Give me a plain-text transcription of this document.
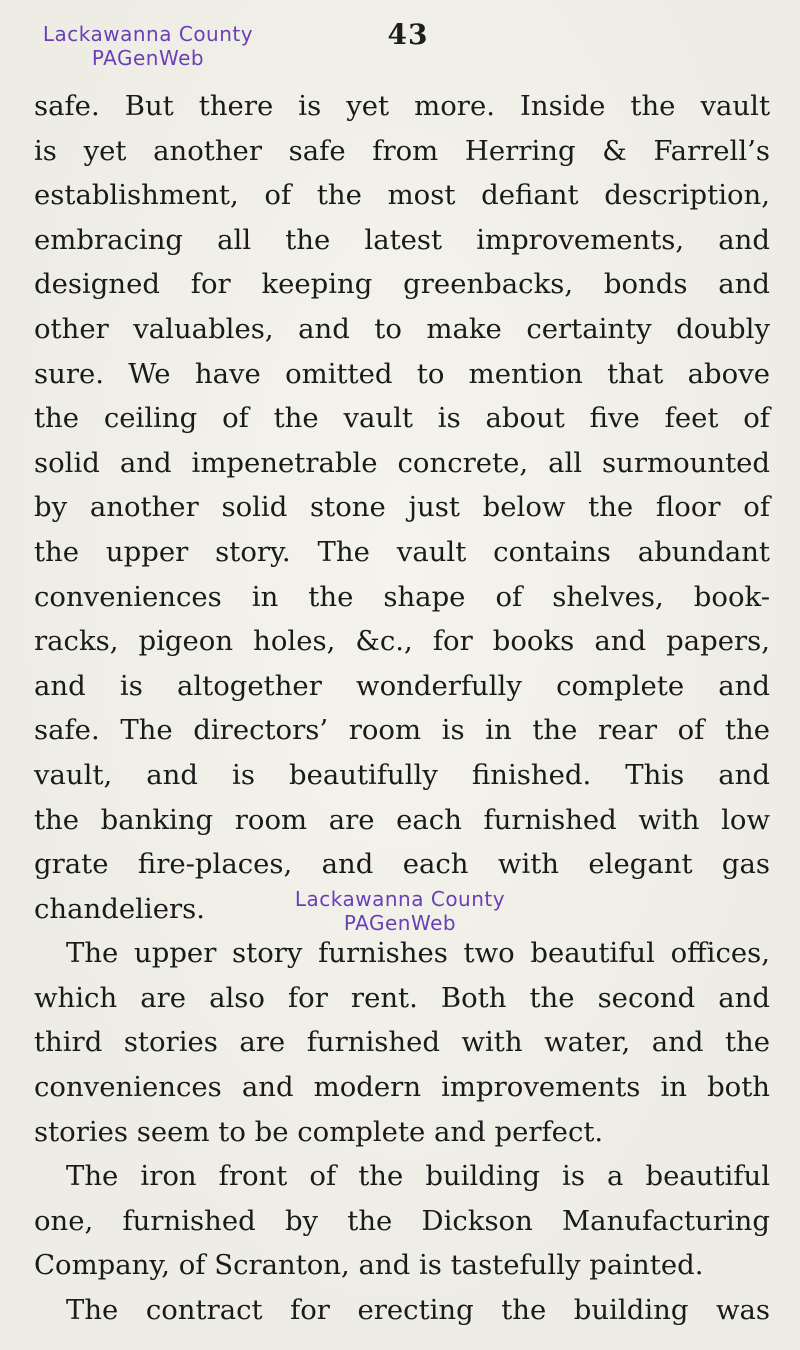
43
Lackawanna County
PAGenWeb
safe. But there is yet more. Inside the vault
is yet another safe from Herring & Farrell’s
establishment, of the most defiant description,
embracing all the latest improvements, and
designed for keeping greenbacks, bonds and
other valuables, and to make certainty doubly
sure. We have omitted to mention that above
the ceiling of the vault is about five feet of
solid and impenetrable concrete, all surmounted
by another solid stone just below the floor of
the upper story. The vault contains abundant
conveniences in the shape of shelves, book-
racks, pigeon holes, &c., for books and papers,
and is altogether wonderfully complete and
safe. The directors’ room is in the rear of the
vault, and is beautifully finished. This and
the banking room are each furnished with low
grate fire-places, and each with elegant gas
chandeliers.
The upper story furnishes two beautiful offices,
which are also for rent. Both the second and
third stories are furnished with water, and the
conveniences and modern improvements in both
stories seem to be complete and perfect.
The iron front of the building is a beautiful
one, furnished by the Dickson Manufacturing
Company, of Scranton, and is tastefully painted.
The contract for erecting the building was
Lackawanna County
PAGenWeb
